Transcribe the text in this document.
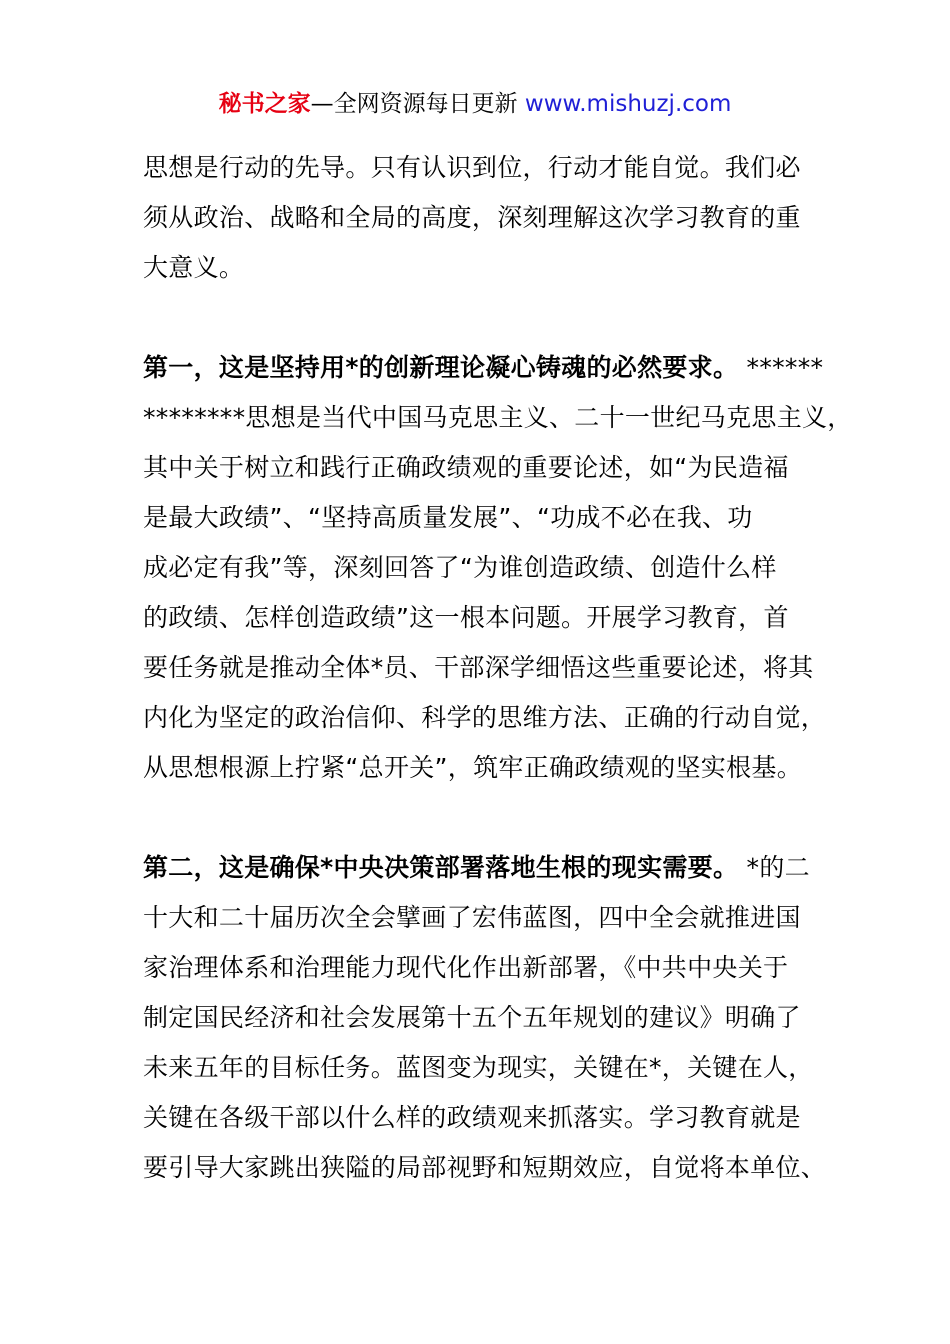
秘书之家—全网资源每日更新 www.mishuzj.com
思想是行动的先导。只有认识到位，行动才能自觉。我们必
须从政治、战略和全局的高度，深刻理解这次学习教育的重
大意义。
第一，这是坚持用*的创新理论凝心铸魂的必然要求。 ******
********思想是当代中国马克思主义、二十一世纪马克思主义，
其中关于树立和践行正确政绩观的重要论述，如“为民造福
是最大政绩”、“坚持高质量发展”、“功成不必在我、功
成必定有我”等，深刻回答了“为谁创造政绩、创造什么样
的政绩、怎样创造政绩”这一根本问题。开展学习教育，首
要任务就是推动全体*员、干部深学细悟这些重要论述，将其
内化为坚定的政治信仰、科学的思维方法、正确的行动自觉，
从思想根源上拧紧“总开关”，筑牢正确政绩观的坚实根基。
第二，这是确保*中央决策部署落地生根的现实需要。 *的二
十大和二十届历次全会擘画了宏伟蓝图，四中全会就推进国
家治理体系和治理能力现代化作出新部署，《中共中央关于
制定国民经济和社会发展第十五个五年规划的建议》明确了
未来五年的目标任务。蓝图变为现实，关键在*，关键在人，
关键在各级干部以什么样的政绩观来抓落实。学习教育就是
要引导大家跳出狭隘的局部视野和短期效应，自觉将本单位、
